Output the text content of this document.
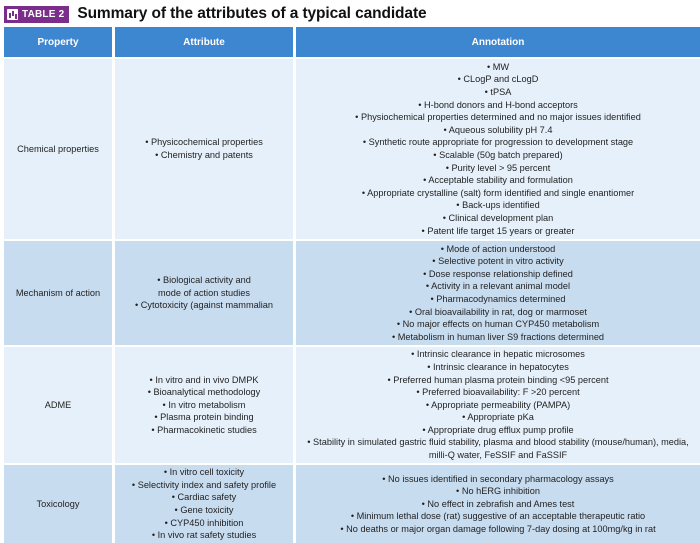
TABLE 2 Summary of the attributes of a typical candidate
Property	Attribute	Annotation
Chemical properties
• Physicochemical properties
• Chemistry and patents
• MW
• CLogP and cLogD
• tPSA
• H-bond donors and H-bond acceptors
• Physiochemical properties determined and no major issues identified
• Aqueous solubility pH 7.4
• Synthetic route appropriate for progression to development stage
• Scalable (50g batch prepared)
• Purity level > 95 percent
• Acceptable stability and formulation
• Appropriate crystalline (salt) form identified and single enantiomer
• Back-ups identified
• Clinical development plan
• Patent life target 15 years or greater
Mechanism of action
• Biological activity and mode of action studies
• Cytotoxicity (against mammalian
• Mode of action understood
• Selective potent in vitro activity
• Dose response relationship defined
• Activity in a relevant animal model
• Pharmacodynamics determined
• Oral bioavailability in rat, dog or marmoset
• No major effects on human CYP450 metabolism
• Metabolism in human liver S9 fractions determined
ADME
• In vitro and in vivo DMPK
• Bioanalytical methodology
• In vitro metabolism
• Plasma protein binding
• Pharmacokinetic studies
• Intrinsic clearance in hepatic microsomes
• Intrinsic clearance in hepatocytes
• Preferred human plasma protein binding <95 percent
• Preferred bioavailability: F >20 percent
• Appropriate permeability (PAMPA)
• Appropriate pKa
• Appropriate drug efflux pump profile
• Stability in simulated gastric fluid stability, plasma and blood stability (mouse/human), media, milli-Q water, FeSSIF and FaSSIF
Toxicology
• In vitro cell toxicity
• Selectivity index and safety profile
• Cardiac safety
• Gene toxicity
• CYP450 inhibition
• In vivo rat safety studies
• No issues identified in secondary pharmacology assays
• No hERG inhibition
• No effect in zebrafish and Ames test
• Minimum lethal dose (rat) suggestive of an acceptable therapeutic ratio
• No deaths or major organ damage following 7-day dosing at 100mg/kg in rat
